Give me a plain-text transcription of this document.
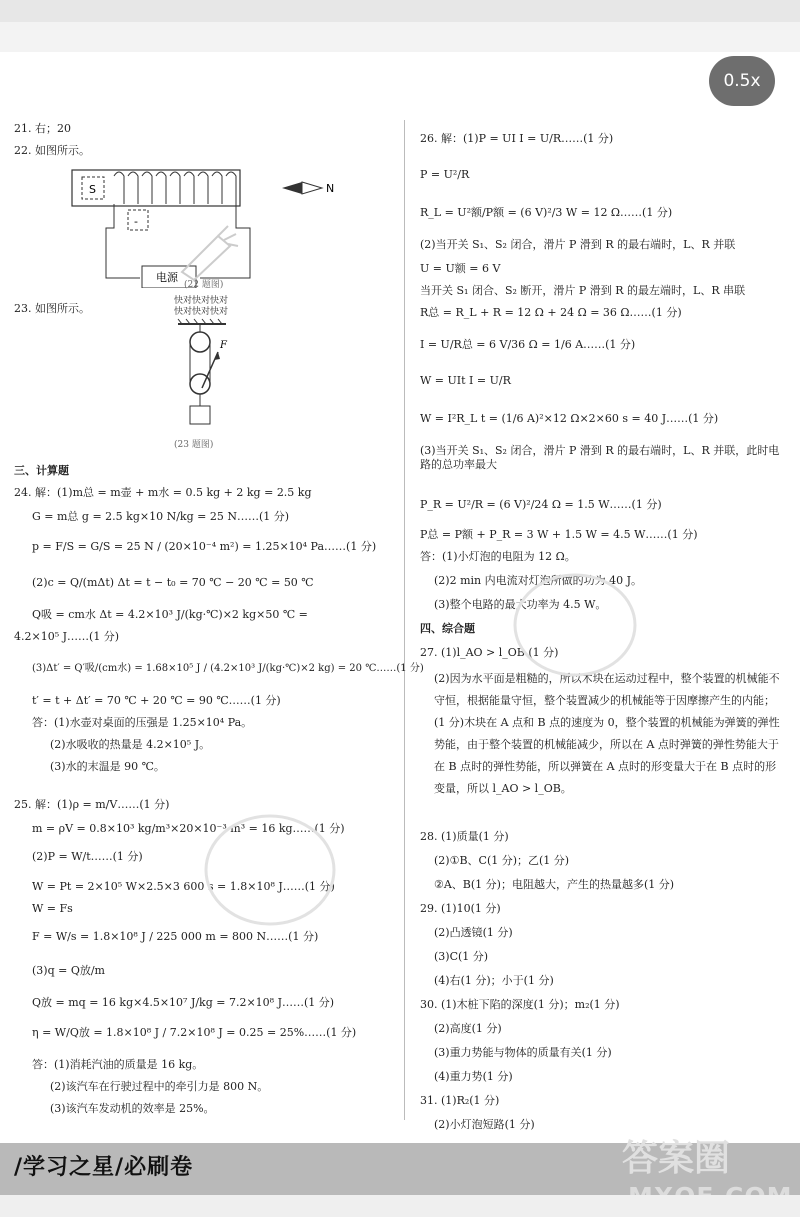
0.5x
21. 右；20
22. 如图所示。
S
-
电源
N
(22 题图)
快对快对快对
快对快对快对
23. 如图所示。
F
(23 题图)
三、计算题
24. 解：(1)m总 = m壶 + m水 = 0.5 kg + 2 kg = 2.5 kg
G = m总 g = 2.5 kg×10 N/kg = 25 N……(1 分)
p = F/S = G/S = 25 N / (20×10⁻⁴ m²) = 1.25×10⁴ Pa……(1 分)
(2)c = Q/(mΔt) Δt = t − t₀ = 70 ℃ − 20 ℃ = 50 ℃
Q吸 = cm水 Δt = 4.2×10³ J/(kg·℃)×2 kg×50 ℃ =
4.2×10⁵ J……(1 分)
(3)Δt′ = Q′吸/(cm水) = 1.68×10⁵ J / (4.2×10³ J/(kg·℃)×2 kg) = 20 ℃……(1 分)
t′ = t + Δt′ = 70 ℃ + 20 ℃ = 90 ℃……(1 分)
答：(1)水壶对桌面的压强是 1.25×10⁴ Pa。
(2)水吸收的热量是 4.2×10⁵ J。
(3)水的末温是 90 ℃。
25. 解：(1)ρ = m/V……(1 分)
m = ρV = 0.8×10³ kg/m³×20×10⁻³ m³ = 16 kg……(1 分)
(2)P = W/t……(1 分)
W = Pt = 2×10⁵ W×2.5×3 600 s = 1.8×10⁸ J……(1 分)
W = Fs
F = W/s = 1.8×10⁸ J / 225 000 m = 800 N……(1 分)
(3)q = Q放/m
Q放 = mq = 16 kg×4.5×10⁷ J/kg = 7.2×10⁸ J……(1 分)
η = W/Q放 = 1.8×10⁸ J / 7.2×10⁸ J = 0.25 = 25%……(1 分)
答：(1)消耗汽油的质量是 16 kg。
(2)该汽车在行驶过程中的牵引力是 800 N。
(3)该汽车发动机的效率是 25%。
26. 解：(1)P = UI I = U/R……(1 分)
P = U²/R
R_L = U²额/P额 = (6 V)²/3 W = 12 Ω……(1 分)
(2)当开关 S₁、S₂ 闭合，滑片 P 滑到 R 的最右端时，L、R 并联
U = U额 = 6 V
当开关 S₁ 闭合、S₂ 断开，滑片 P 滑到 R 的最左端时，L、R 串联
R总 = R_L + R = 12 Ω + 24 Ω = 36 Ω……(1 分)
I = U/R总 = 6 V/36 Ω = 1/6 A……(1 分)
W = UIt I = U/R
W = I²R_L t = (1/6 A)²×12 Ω×2×60 s = 40 J……(1 分)
(3)当开关 S₁、S₂ 闭合，滑片 P 滑到 R 的最右端时，L、R 并联，此时电路的总功率最大
P_R = U²/R = (6 V)²/24 Ω = 1.5 W……(1 分)
P总 = P额 + P_R = 3 W + 1.5 W = 4.5 W……(1 分)
答：(1)小灯泡的电阻为 12 Ω。
(2)2 min 内电流对灯泡所做的功为 40 J。
(3)整个电路的最大功率为 4.5 W。
四、综合题
27. (1)l_AO > l_OB (1 分)
(2)因为水平面是粗糙的，所以木块在运动过程中，整个装置的机械能不守恒，根据能量守恒，整个装置减少的机械能等于因摩擦产生的内能；(1 分)木块在 A 点和 B 点的速度为 0，整个装置的机械能为弹簧的弹性势能，由于整个装置的机械能减少，所以在 A 点时弹簧的弹性势能大于在 B 点时的弹性势能，所以弹簧在 A 点时的形变量大于在 B 点时的形变量，所以 l_AO > l_OB。
28. (1)质量(1 分)
(2)①B、C(1 分)；乙(1 分)
②A、B(1 分)；电阻越大，产生的热量越多(1 分)
29. (1)10(1 分)
(2)凸透镜(1 分)
(3)C(1 分)
(4)右(1 分)；小于(1 分)
30. (1)木桩下陷的深度(1 分)；m₂(1 分)
(2)高度(1 分)
(3)重力势能与物体的质量有关(1 分)
(4)重力势(1 分)
31. (1)R₂(1 分)
(2)小灯泡短路(1 分)
/学习之星/必刷卷	答案圈
